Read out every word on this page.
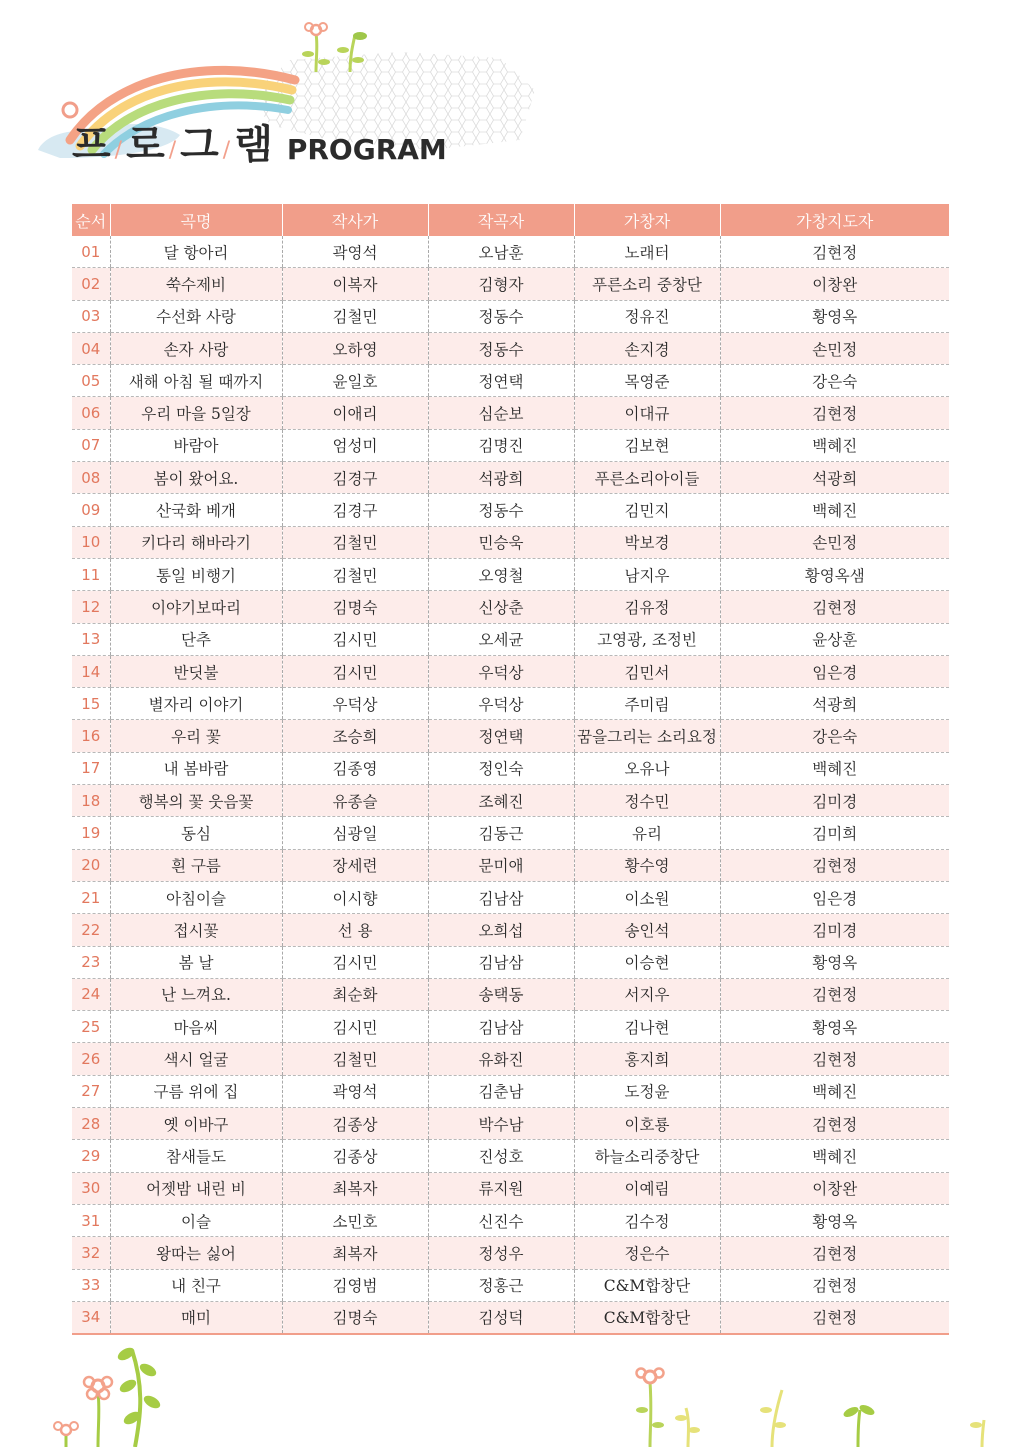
프 / 로 / 그 / 램 PROGRAM
순서	곡명	작사가	작곡자	가창자	가창지도자
01	달 항아리	곽영석	오남훈	노래터	김현정
02	쑥수제비	이복자	김형자	푸른소리 중창단	이창완
03	수선화 사랑	김철민	정동수	정유진	황영옥
04	손자 사랑	오하영	정동수	손지경	손민정
05	새해 아침 될 때까지	윤일호	정연택	목영준	강은숙
06	우리 마을 5일장	이애리	심순보	이대규	김현정
07	바람아	엄성미	김명진	김보현	백혜진
08	봄이 왔어요.	김경구	석광희	푸른소리아이들	석광희
09	산국화 베개	김경구	정동수	김민지	백혜진
10	키다리 해바라기	김철민	민승욱	박보경	손민정
11	통일 비행기	김철민	오영철	남지우	황영옥샘
12	이야기보따리	김명숙	신상춘	김유정	김현정
13	단추	김시민	오세균	고영광, 조정빈	윤상훈
14	반딧불	김시민	우덕상	김민서	임은경
15	별자리 이야기	우덕상	우덕상	주미림	석광희
16	우리 꽃	조승희	정연택	꿈을그리는 소리요정	강은숙
17	내 봄바람	김종영	정인숙	오유나	백혜진
18	행복의 꽃 웃음꽃	유종슬	조혜진	정수민	김미경
19	동심	심광일	김동근	유리	김미희
20	흰 구름	장세련	문미애	황수영	김현정
21	아침이슬	이시향	김남삼	이소원	임은경
22	접시꽃	선 용	오희섭	송인석	김미경
23	봄 날	김시민	김남삼	이승현	황영옥
24	난 느껴요.	최순화	송택동	서지우	김현정
25	마음씨	김시민	김남삼	김나현	황영옥
26	색시 얼굴	김철민	유화진	홍지희	김현정
27	구름 위에 집	곽영석	김춘남	도정윤	백혜진
28	옛 이바구	김종상	박수남	이호룡	김현정
29	참새들도	김종상	진성호	하늘소리중창단	백혜진
30	어젯밤 내린 비	최복자	류지원	이예림	이창완
31	이슬	소민호	신진수	김수정	황영옥
32	왕따는 싫어	최복자	정성우	정은수	김현정
33	내 친구	김영범	정홍근	C&M합창단	김현정
34	매미	김명숙	김성덕	C&M합창단	김현정
